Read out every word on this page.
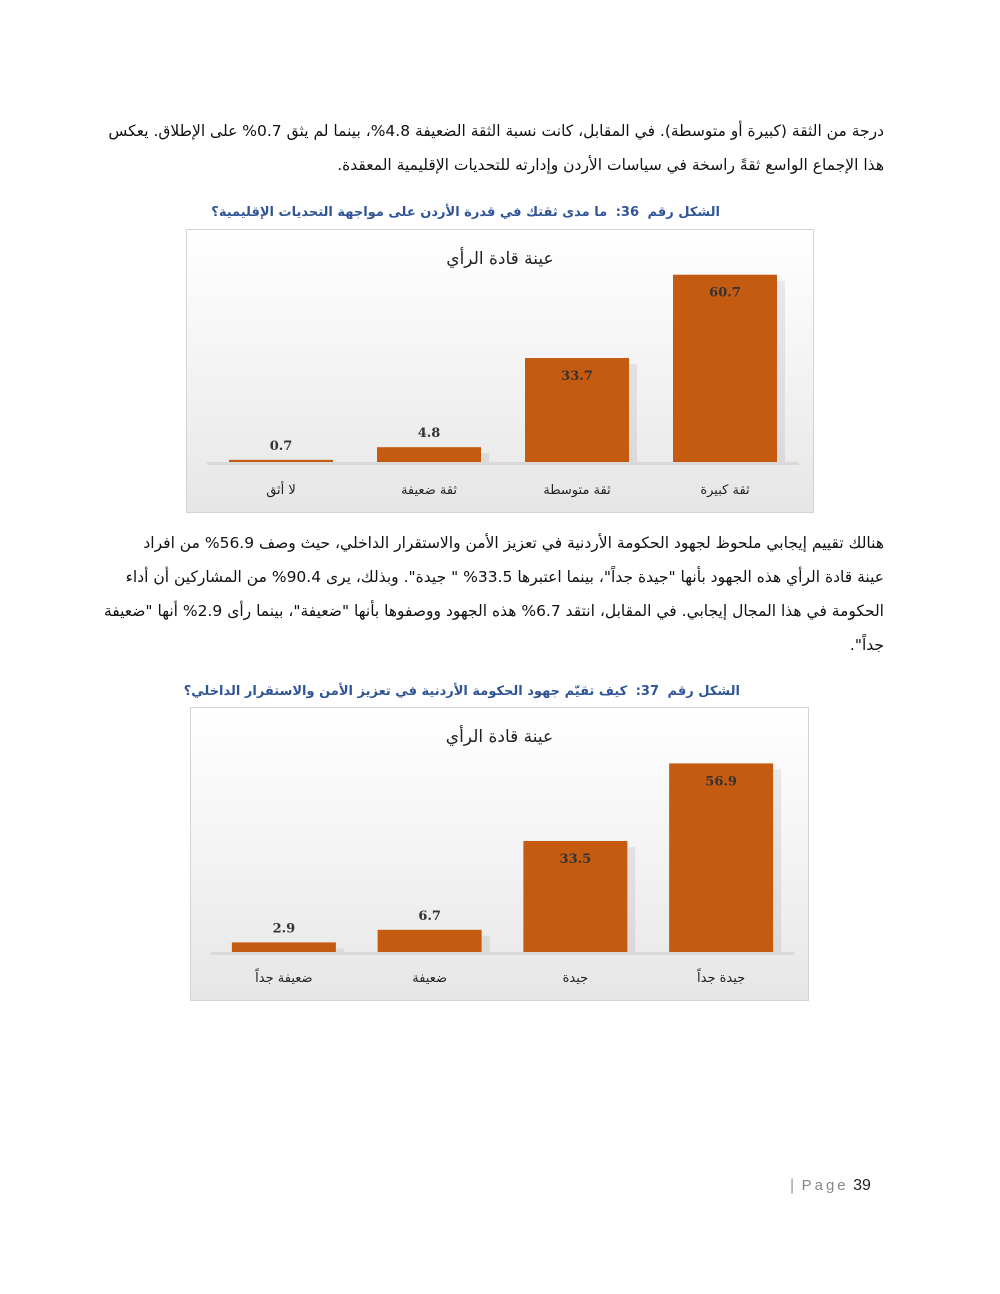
درجة من الثقة (كبيرة أو متوسطة). في المقابل، كانت نسبة الثقة الضعيفة 4.8%، بينما لم يثق 0.7% على الإطلاق. يعكس

هذا الإجماع الواسع ثقةً راسخة في سياسات الأردن وإدارته للتحديات الإقليمية المعقدة.

الشكل رقم 36: ما مدى ثقتك في قدرة الأردن على مواجهة التحديات الإقليمية؟
عينة قادة الرأي
0.7
لا أثق
4.8
ثقة ضعيفة
33.7
ثقة متوسطة
60.7
ثقة كبيرة

هنالك تقييم إيجابي ملحوظ لجهود الحكومة الأردنية في تعزيز الأمن والاستقرار الداخلي، حيث وصف 56.9% من افراد

عينة قادة الرأي هذه الجهود بأنها "جيدة جداً"، بينما اعتبرها 33.5% " جيدة". وبذلك، يرى 90.4% من المشاركين أن أداء

الحكومة في هذا المجال إيجابي. في المقابل، انتقد 6.7% هذه الجهود ووصفوها بأنها "ضعيفة"، بينما رأى 2.9% أنها "ضعيفة

جداً".

الشكل رقم 37: كيف تقيّم جهود الحكومة الأردنية في تعزيز الأمن والاستقرار الداخلي؟
عينة قادة الرأي
2.9
ضعيفة جداً
6.7
ضعيفة
33.5
جيدة
56.9
جيدة جداً
| Page 39
